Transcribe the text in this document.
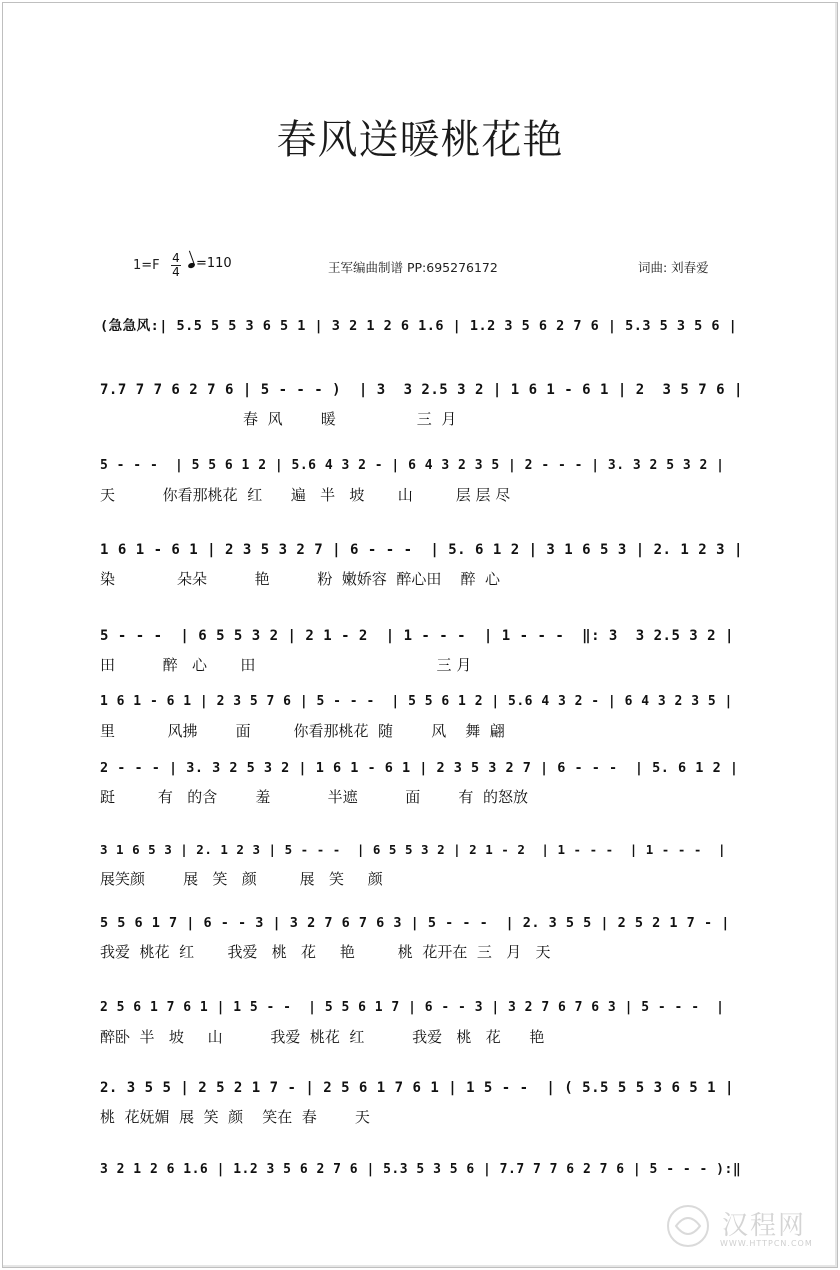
春风送暖桃花艳
1=F 4
4
=110	王军编曲制谱 PP:695276172	词曲: 刘春爱
(急急风:| 5.5 5 5 3 6 5 1 | 3 2 1 2 6 1.6 | 1.2 3 5 6 2 7 6 | 5.3 5 3 5 6 |
7.7 7 7 6 2 7 6 | 5 - - - )  | 3  3 2.5 3 2 | 1 6 1 - 6 1 | 2  3 5 7 6 |
春  风        暖                 三  月
5 - - -  | 5 5 6 1 2 | 5.6 4 3 2 - | 6 4 3 2 3 5 | 2 - - - | 3. 3 2 5 3 2 |
天          你看那桃花  红      遍   半   坡       山         层 层 尽
1 6 1 - 6 1 | 2 3 5 3 2 7 | 6 - - -  | 5. 6 1 2 | 3 1 6 5 3 | 2. 1 2 3 |
染             朵朵          艳          粉  嫩娇容  醉心田    醉  心
5 - - -  | 6 5 5 3 2 | 2 1 - 2  | 1 - - -  | 1 - - -  ‖: 3  3 2.5 3 2 |
田          醉   心       田                                      三 月
1 6 1 - 6 1 | 2 3 5 7 6 | 5 - - -  | 5 5 6 1 2 | 5.6 4 3 2 - | 6 4 3 2 3 5 |
里           风拂        面         你看那桃花  随        风    舞  翩
2 - - - | 3. 3 2 5 3 2 | 1 6 1 - 6 1 | 2 3 5 3 2 7 | 6 - - -  | 5. 6 1 2 |
跹         有   的含        羞            半遮          面        有  的怒放
3 1 6 5 3 | 2. 1 2 3 | 5 - - -  | 6 5 5 3 2 | 2 1 - 2  | 1 - - -  | 1 - - -  |
展笑颜        展   笑   颜         展   笑     颜
5 5 6 1 7 | 6 - - 3 | 3 2 7 6 7 6 3 | 5 - - -  | 2. 3 5 5 | 2 5 2 1 7 - |
我爱  桃花  红       我爱   桃   花     艳         桃  花开在  三   月   天
2 5 6 1 7 6 1 | 1 5 - -  | 5 5 6 1 7 | 6 - - 3 | 3 2 7 6 7 6 3 | 5 - - -  |
醉卧  半   坡     山          我爱  桃花  红          我爱   桃   花      艳
2. 3 5 5 | 2 5 2 1 7 - | 2 5 6 1 7 6 1 | 1 5 - -  | ( 5.5 5 5 3 6 5 1 |
桃  花妩媚  展  笑  颜    笑在  春        天
3 2 1 2 6 1.6 | 1.2 3 5 6 2 7 6 | 5.3 5 3 5 6 | 7.7 7 7 6 2 7 6 | 5 - - - ):‖
汉程网
WWW.HTTPCN.COM
